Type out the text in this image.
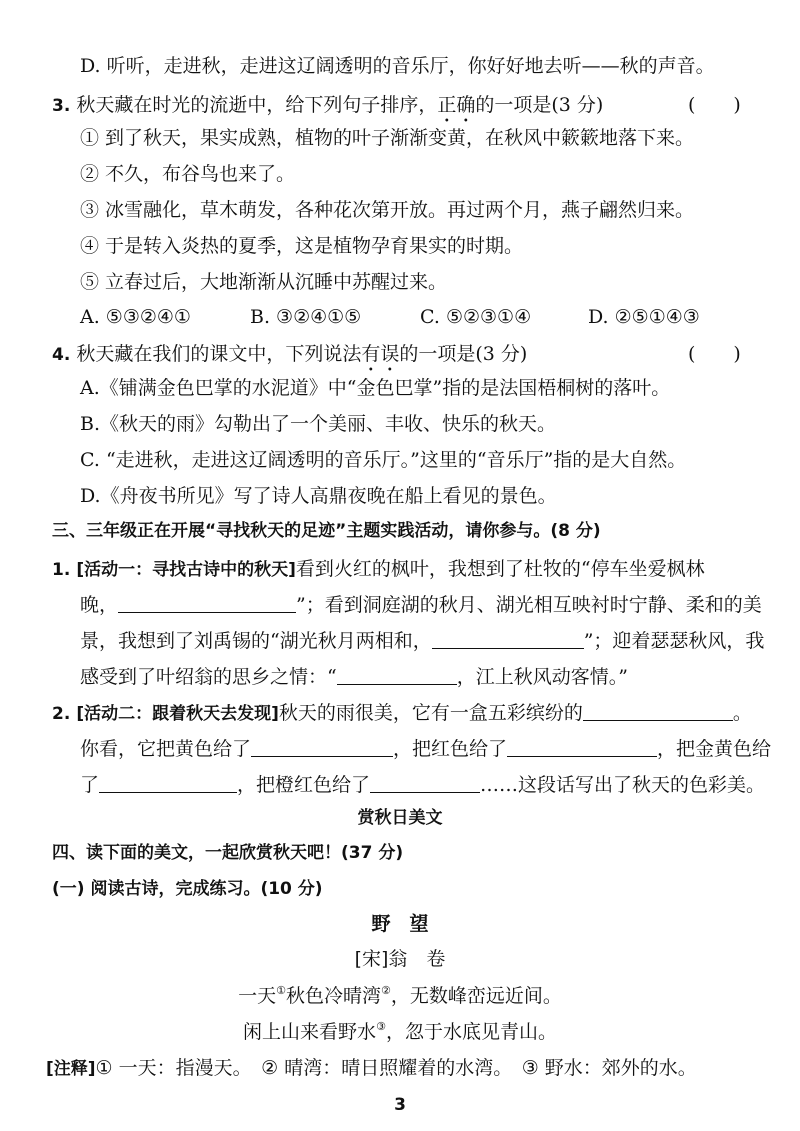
D. 听听，走进秋，走进这辽阔透明的音乐厅，你好好地去听——秋的声音。
3. 秋天藏在时光的流逝中，给下列句子排序，正确的一项是(3 分)	(　　)
① 到了秋天，果实成熟，植物的叶子渐渐变黄，在秋风中簌簌地落下来。
② 不久，布谷鸟也来了。
③ 冰雪融化，草木萌发，各种花次第开放。再过两个月，燕子翩然归来。
④ 于是转入炎热的夏季，这是植物孕育果实的时期。
⑤ 立春过后，大地渐渐从沉睡中苏醒过来。
A. ⑤③②④①	B. ③②④①⑤	C. ⑤②③①④	D. ②⑤①④③
4. 秋天藏在我们的课文中，下列说法有误的一项是(3 分)	(　　)
A.《铺满金色巴掌的水泥道》中“金色巴掌”指的是法国梧桐树的落叶。
B.《秋天的雨》勾勒出了一个美丽、丰收、快乐的秋天。
C. “走进秋，走进这辽阔透明的音乐厅。”这里的“音乐厅”指的是大自然。
D.《舟夜书所见》写了诗人高鼎夜晚在船上看见的景色。
三、三年级正在开展“寻找秋天的足迹”主题实践活动，请你参与。(8 分)
1. [活动一：寻找古诗中的秋天]看到火红的枫叶，我想到了杜牧的“停车坐爱枫林
晚，	”；看到洞庭湖的秋月、湖光相互映衬时宁静、柔和的美
景，我想到了刘禹锡的“湖光秋月两相和，	”；迎着瑟瑟秋风，我
感受到了叶绍翁的思乡之情：“	，江上秋风动客情。”
2. [活动二：跟着秋天去发现]秋天的雨很美，它有一盒五彩缤纷的	。
你看，它把黄色给了	，把红色给了	，把金黄色给
了	，把橙红色给了	……这段话写出了秋天的色彩美。
赏秋日美文
四、读下面的美文，一起欣赏秋天吧！(37 分)
(一) 阅读古诗，完成练习。(10 分)
野　望
[宋]翁　卷
一天①秋色冷晴湾②，无数峰峦远近间。
闲上山来看野水③，忽于水底见青山。
[注释]① 一天：指漫天。　② 晴湾：晴日照耀着的水湾。　③ 野水：郊外的水。
3
